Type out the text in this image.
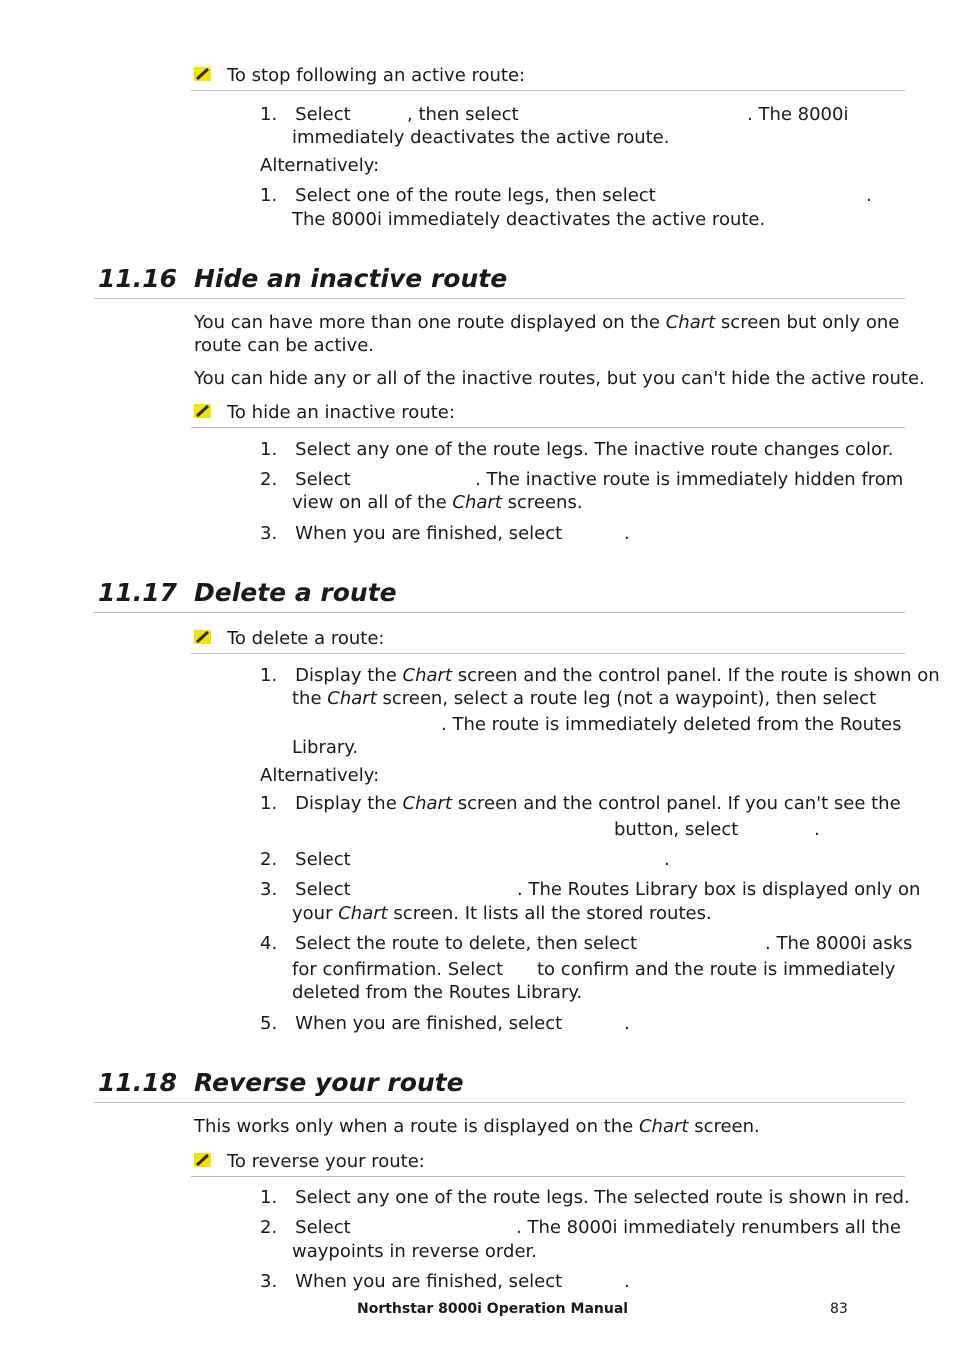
To stop following an active route:
1. Select	, then select	. The 8000i
immediately deactivates the active route.
Alternatively:
1. Select one of the route legs, then select	.
The 8000i immediately deactivates the active route.
11.16 Hide an inactive route
You can have more than one route displayed on the Chart screen but only one
route can be active.
You can hide any or all of the inactive routes, but you can't hide the active route.
To hide an inactive route:
1. Select any one of the route legs. The inactive route changes color.
2. Select	. The inactive route is immediately hidden from
view on all of the Chart screens.
3. When you are finished, select	.
11.17 Delete a route
To delete a route:
1. Display the Chart screen and the control panel. If the route is shown on
the Chart screen, select a route leg (not a waypoint), then select
. The route is immediately deleted from the Routes
Library.
Alternatively:
1. Display the Chart screen and the control panel. If you can't see the
button, select	.
2. Select	.
3. Select	. The Routes Library box is displayed only on
your Chart screen. It lists all the stored routes.
4. Select the route to delete, then select	. The 8000i asks
for confirmation. Select to confirm and the route is immediately
deleted from the Routes Library.
5. When you are finished, select	.
11.18 Reverse your route
This works only when a route is displayed on the Chart screen.
To reverse your route:
1. Select any one of the route legs. The selected route is shown in red.
2. Select	. The 8000i immediately renumbers all the
waypoints in reverse order.
3. When you are finished, select	.
Northstar 8000i Operation Manual	83
